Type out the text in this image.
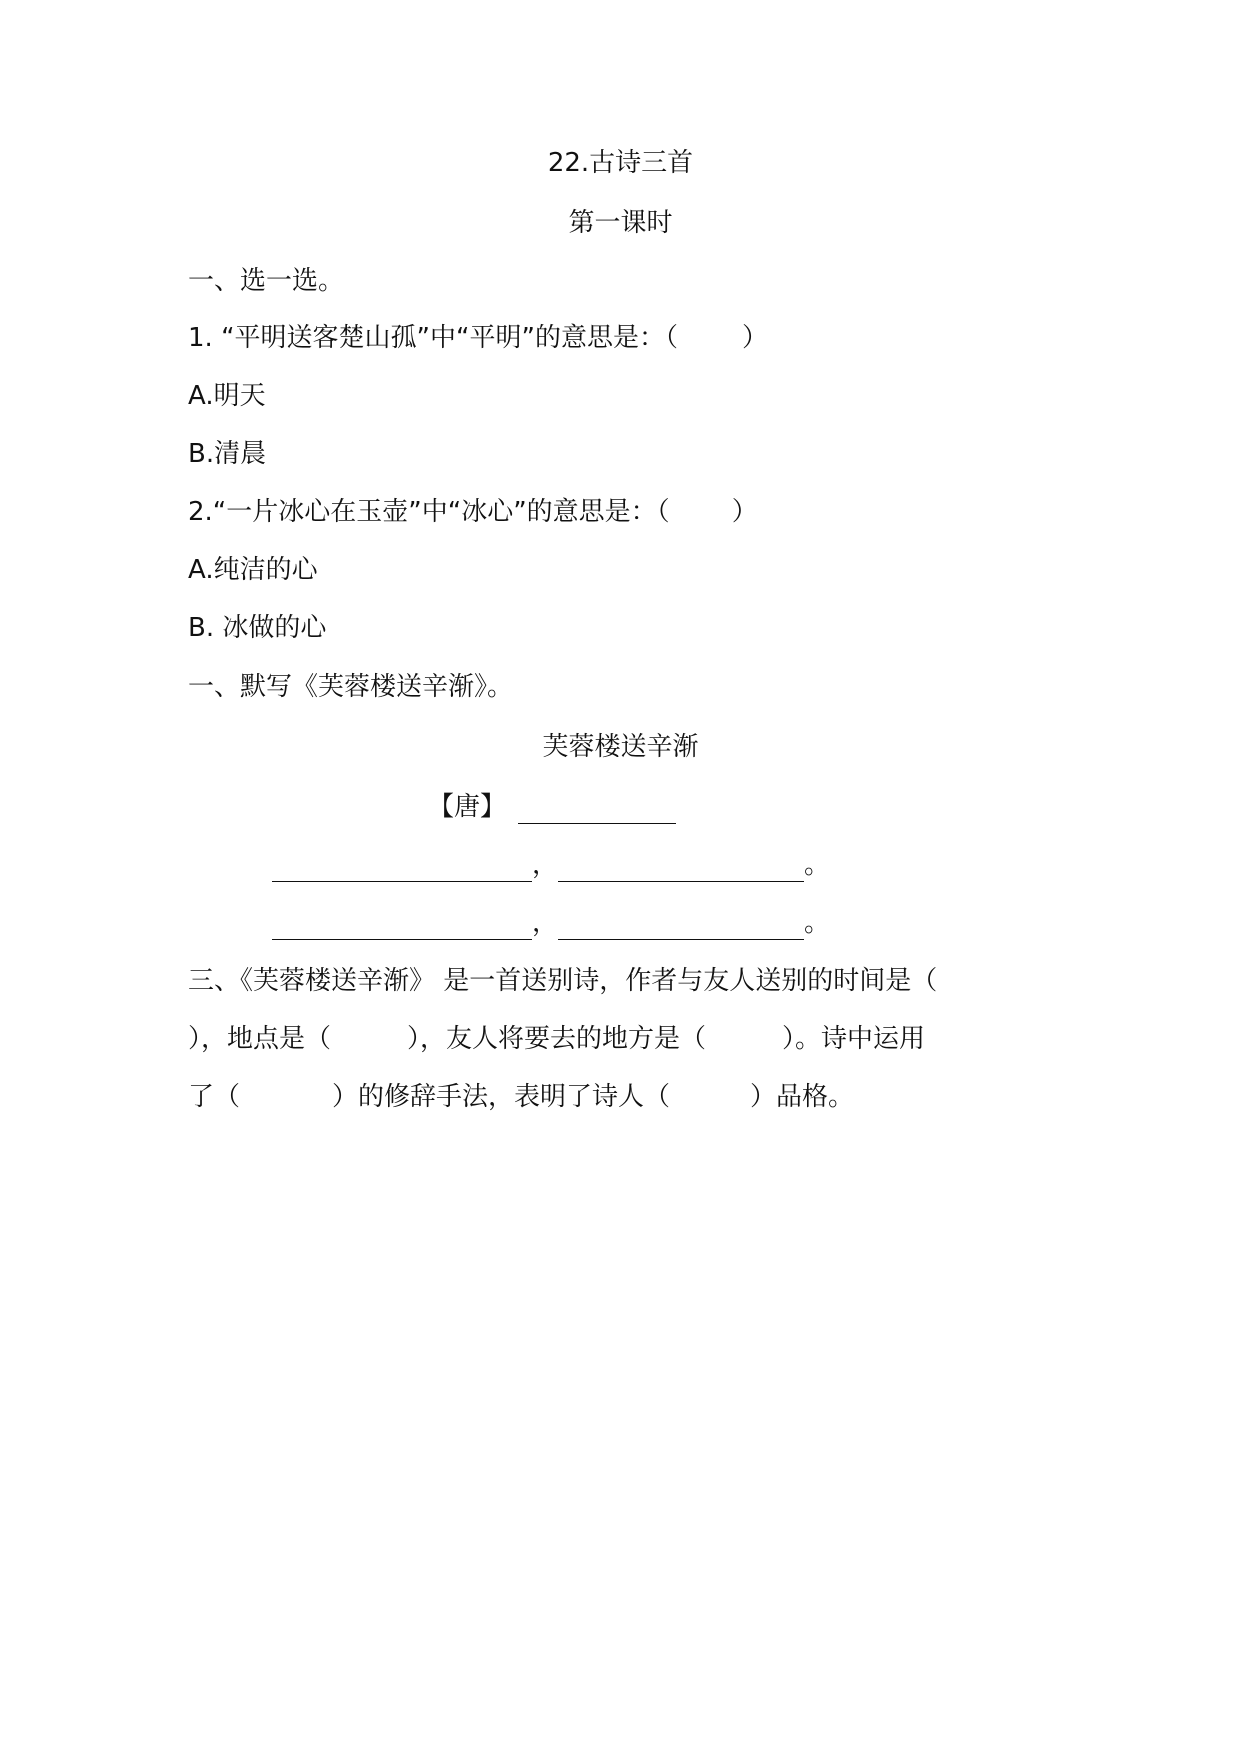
22.古诗三首
第一课时
一、选一选。
1. “平明送客楚山孤”中“平明”的意思是：（ ）
A.明天
B.清晨
2.“一片冰心在玉壶”中“冰心”的意思是：（ ）
A.纯洁的心
B. 冰做的心
一、默写《芙蓉楼送辛渐》。
芙蓉楼送辛渐
【唐】
，	。
，	。
三、《芙蓉楼送辛渐》 是一首送别诗，作者与友人送别的时间是（
），地点是（	），友人将要去的地方是（	）。诗中运用
了（	）的修辞手法，表明了诗人（	）品格。
